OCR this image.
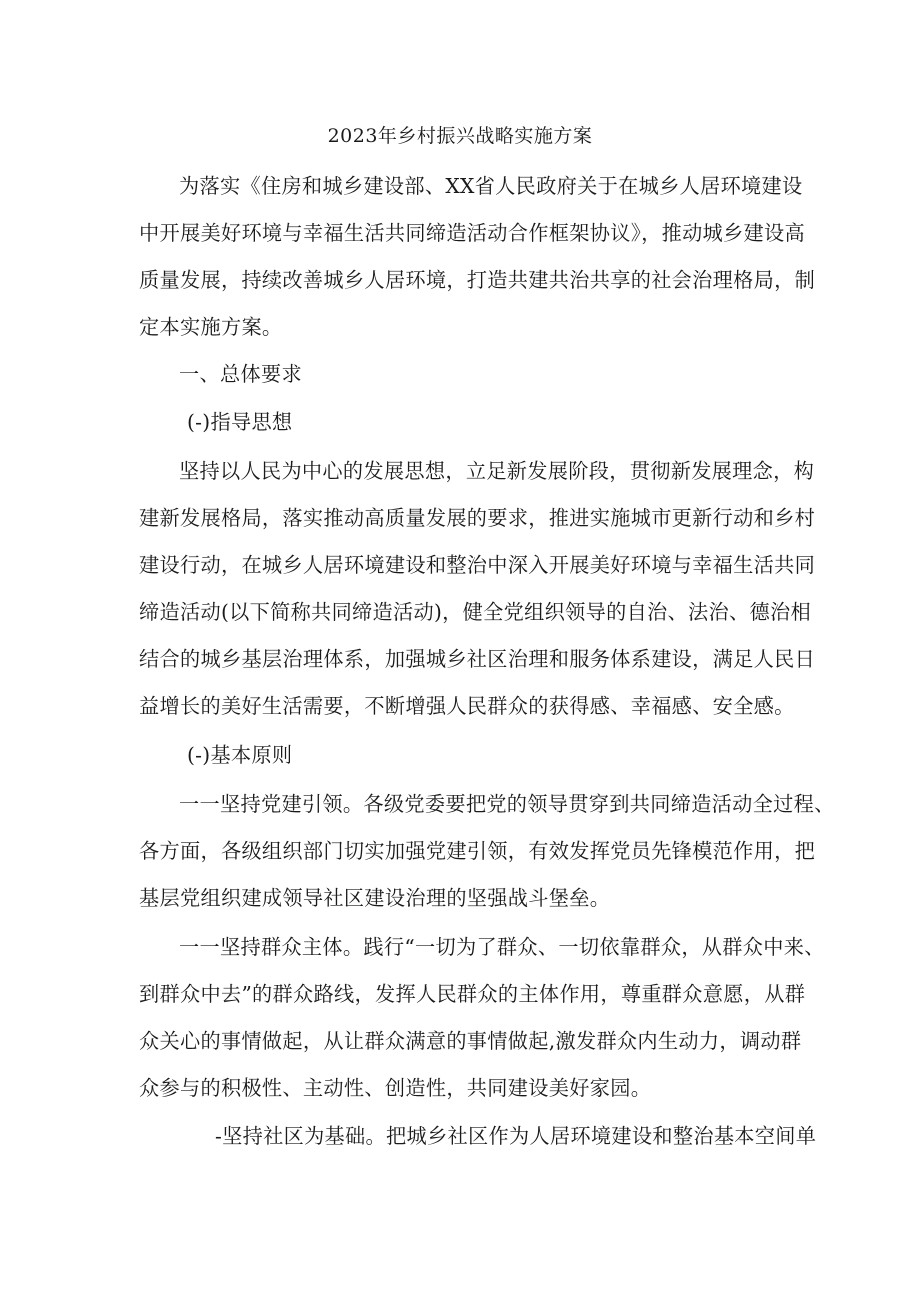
2023年乡村振兴战略实施方案
为落实《住房和城乡建设部、XX省人民政府关于在城乡人居环境建设
中开展美好环境与幸福生活共同缔造活动合作框架协议》，推动城乡建设高
质量发展，持续改善城乡人居环境，打造共建共治共享的社会治理格局，制
定本实施方案。
一、总体要求
(-)指导思想
坚持以人民为中心的发展思想，立足新发展阶段，贯彻新发展理念，构
建新发展格局，落实推动高质量发展的要求，推进实施城市更新行动和乡村
建设行动，在城乡人居环境建设和整治中深入开展美好环境与幸福生活共同
缔造活动(以下简称共同缔造活动)，健全党组织领导的自治、法治、德治相
结合的城乡基层治理体系，加强城乡社区治理和服务体系建设，满足人民日
益增长的美好生活需要，不断增强人民群众的获得感、幸福感、安全感。
(-)基本原则
一一坚持党建引领。各级党委要把党的领导贯穿到共同缔造活动全过程、
各方面，各级组织部门切实加强党建引领，有效发挥党员先锋模范作用，把
基层党组织建成领导社区建设治理的坚强战斗堡垒。
一一坚持群众主体。践行“一切为了群众、一切依靠群众，从群众中来、
到群众中去”的群众路线，发挥人民群众的主体作用，尊重群众意愿，从群
众关心的事情做起，从让群众满意的事情做起,激发群众内生动力，调动群
众参与的积极性、主动性、创造性，共同建设美好家园。
-坚持社区为基础。把城乡社区作为人居环境建设和整治基本空间单
